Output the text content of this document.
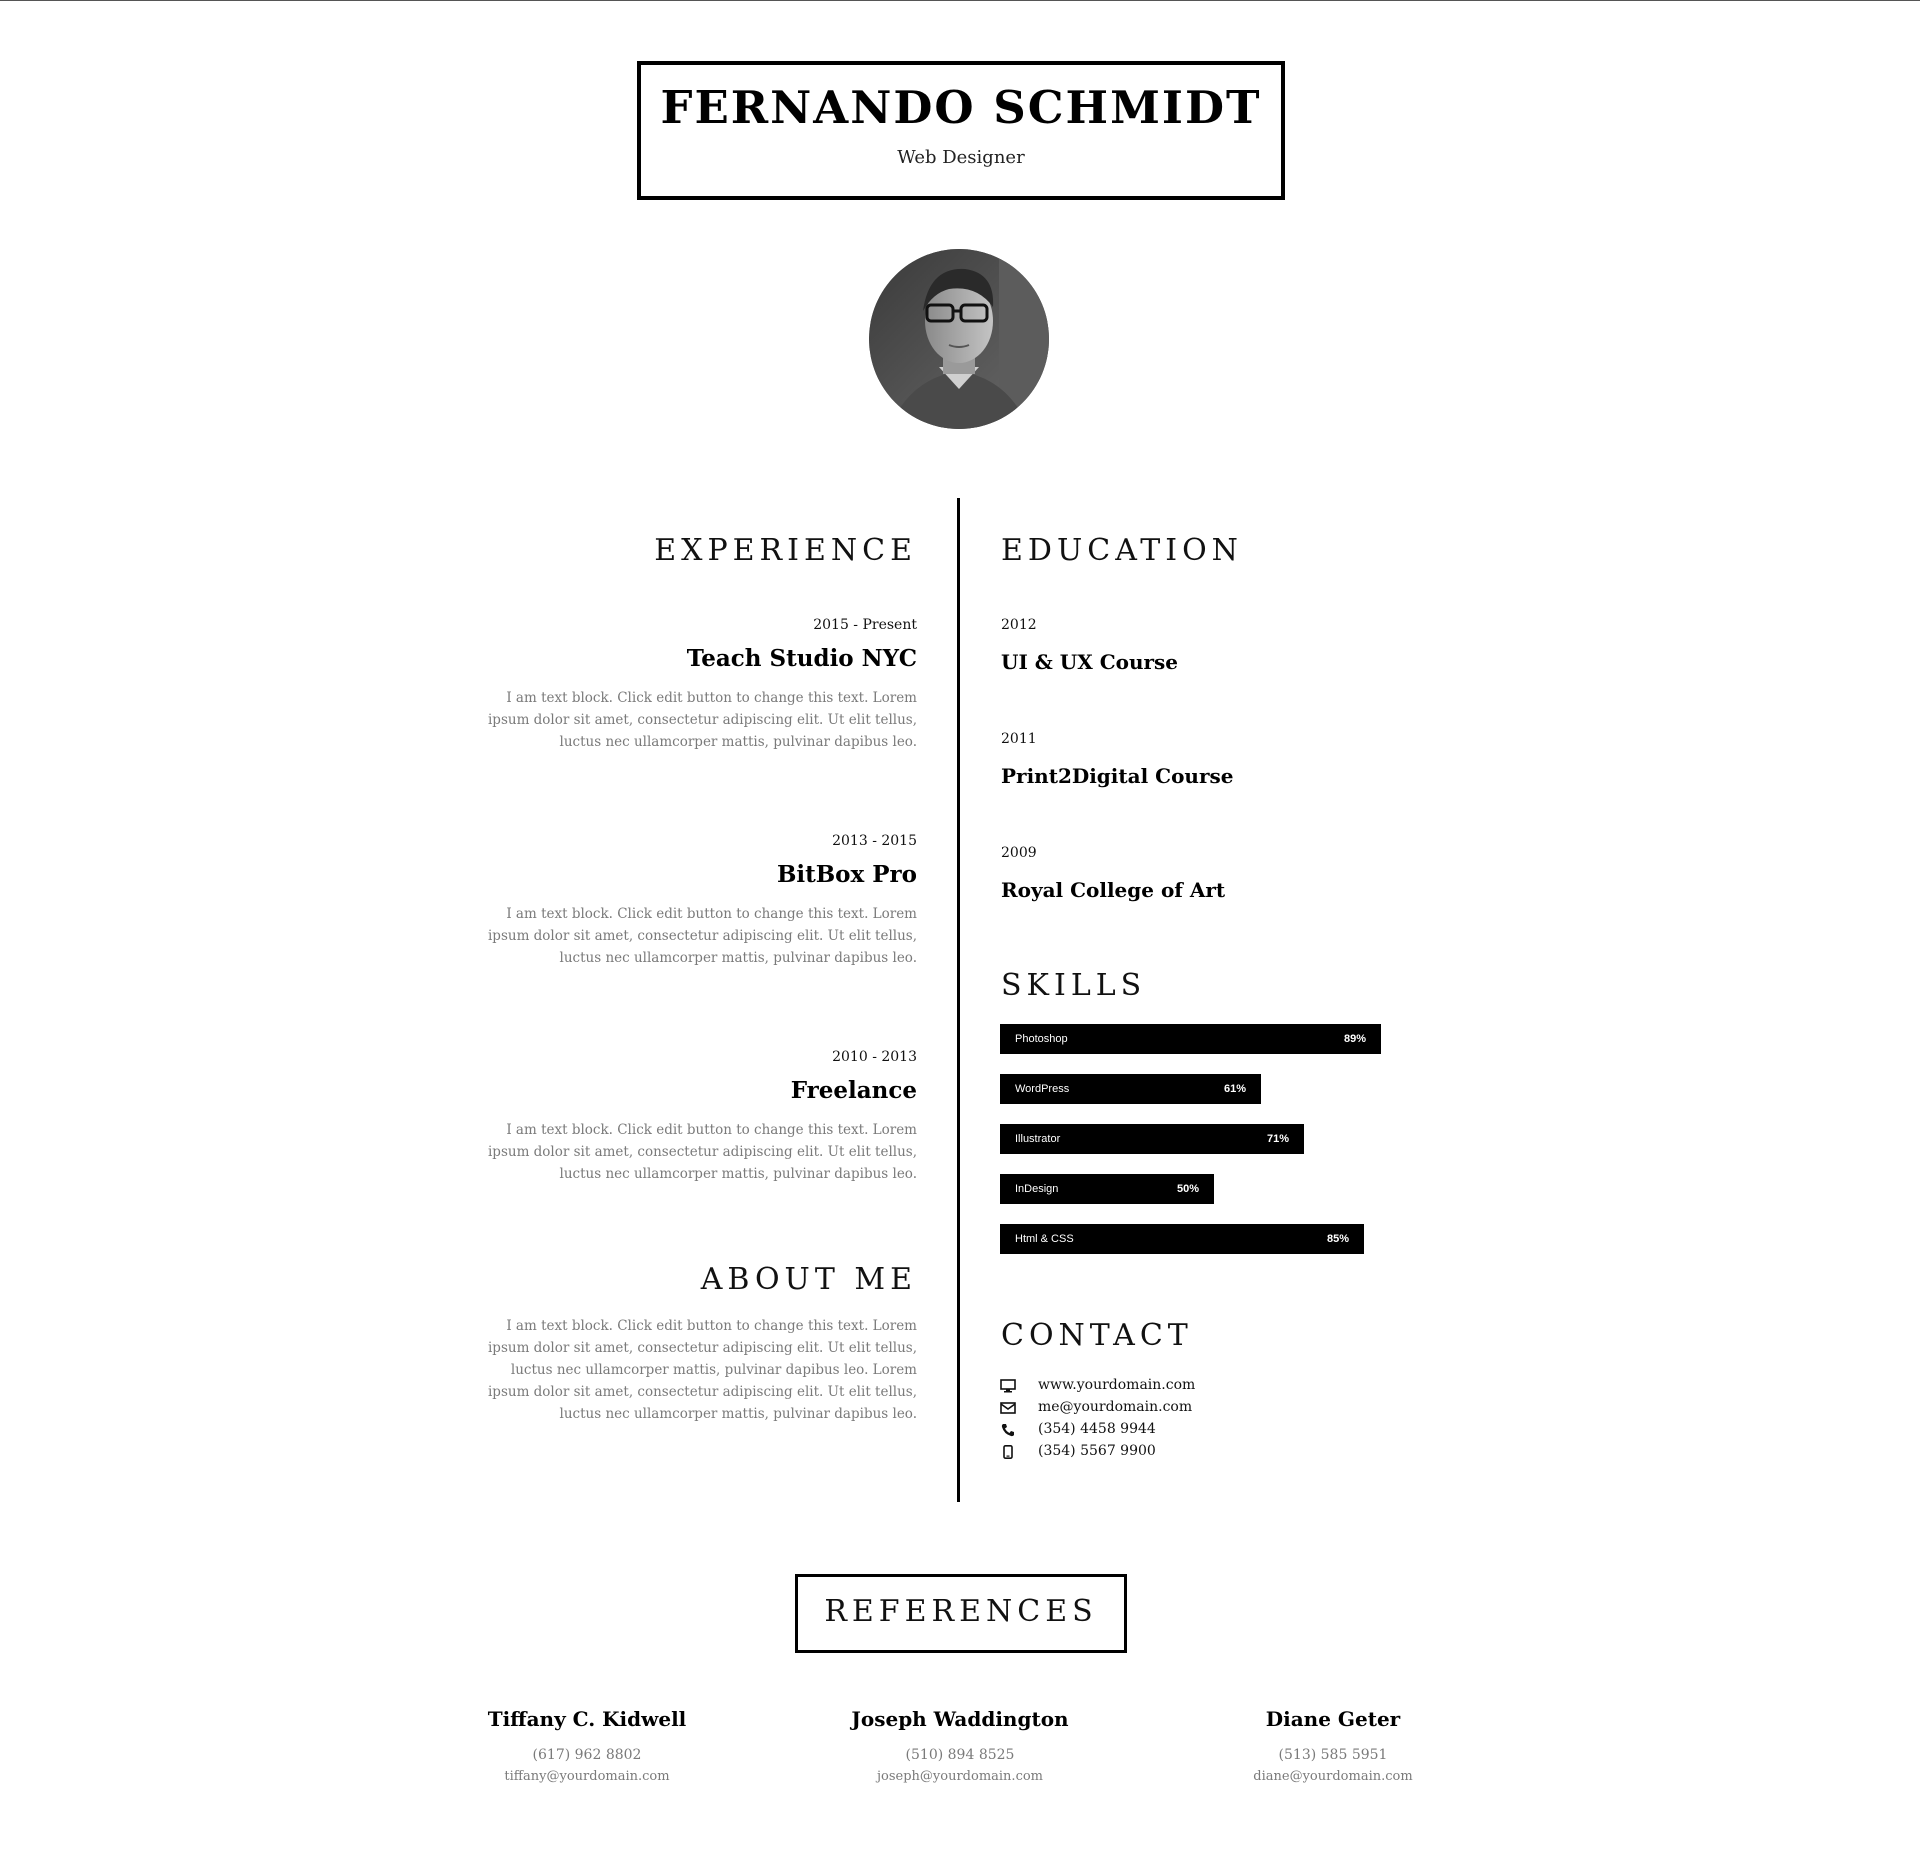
FERNANDO SCHMIDT
Web Designer
EXPERIENCE
2015 - Present
Teach Studio NYC
I am text block. Click edit button to change this text. Lorem ipsum dolor sit amet, consectetur adipiscing elit. Ut elit tellus, luctus nec ullamcorper mattis, pulvinar dapibus leo.
2013 - 2015
BitBox Pro
I am text block. Click edit button to change this text. Lorem ipsum dolor sit amet, consectetur adipiscing elit. Ut elit tellus, luctus nec ullamcorper mattis, pulvinar dapibus leo.
2010 - 2013
Freelance
I am text block. Click edit button to change this text. Lorem ipsum dolor sit amet, consectetur adipiscing elit. Ut elit tellus, luctus nec ullamcorper mattis, pulvinar dapibus leo.
ABOUT ME
I am text block. Click edit button to change this text. Lorem ipsum dolor sit amet, consectetur adipiscing elit. Ut elit tellus, luctus nec ullamcorper mattis, pulvinar dapibus leo. Lorem ipsum dolor sit amet, consectetur adipiscing elit. Ut elit tellus, luctus nec ullamcorper mattis, pulvinar dapibus leo.
EDUCATION
2012
UI & UX Course
2011
Print2Digital Course
2009
Royal College of Art
SKILLS
Photoshop	89%
WordPress	61%
Illustrator	71%
InDesign	50%
Html & CSS	85%
CONTACT
www.yourdomain.com
me@yourdomain.com
(354) 4458 9944
(354) 5567 9900
REFERENCES
Tiffany C. Kidwell
(617) 962 8802
tiffany@yourdomain.com
Joseph Waddington
(510) 894 8525
joseph@yourdomain.com
Diane Geter
(513) 585 5951
diane@yourdomain.com
